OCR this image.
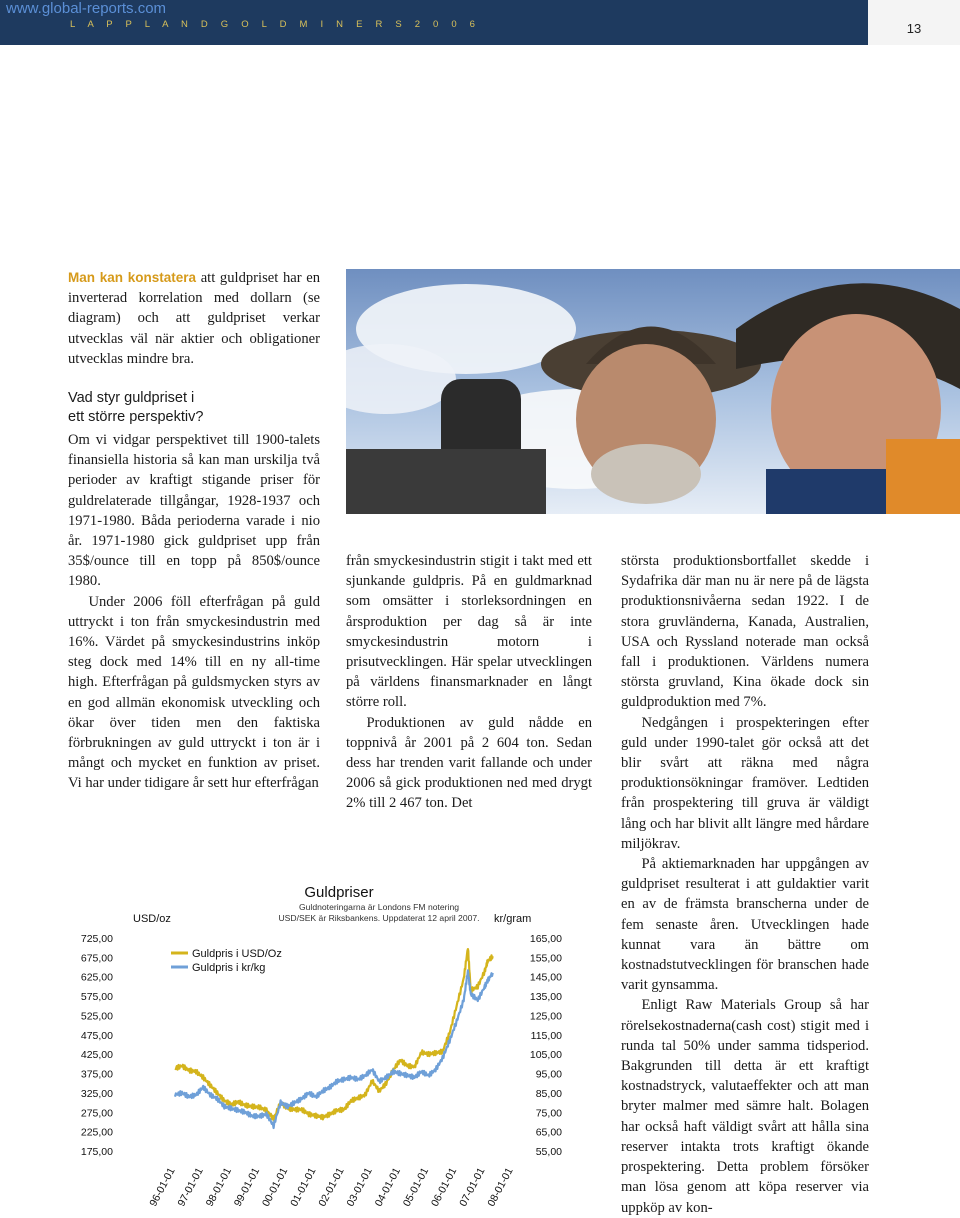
www.global-reports.com
L A P P L A N D G O L D M I N E R S 2 0 0 6	13

Man kan konstatera att guldpriset har en inverterad korrelation med dollarn (se diagram) och att guldpriset verkar utvecklas väl när aktier och obligationer utvecklas mindre bra.

Vad styr guldpriset i
ett större perspektiv?

Om vi vidgar perspektivet till 1900-talets finansiella historia så kan man urskilja två perioder av kraftigt stigande priser för guldrelaterade tillgångar, 1928-1937 och 1971-1980. Båda perioderna varade i nio år. 1971-1980 gick guldpriset upp från 35$/ounce till en topp på 850$/ounce 1980.

Under 2006 föll efterfrågan på guld uttryckt i ton från smyckesindustrin med 16%. Värdet på smyckesindustrins inköp steg dock med 14% till en ny all-time high. Efterfrågan på guldsmycken styrs av en god allmän ekonomisk utveckling och ökar över tiden men den faktiska förbrukningen av guld uttryckt i ton är i mångt och mycket en funktion av priset. Vi har under tidigare år sett hur efterfrågan

från smyckesindustrin stigit i takt med ett sjunkande guldpris. På en guldmarknad som omsätter i storleksordningen en årsproduktion per dag så är inte smyckesindustrin motorn i prisutvecklingen. Här spelar utvecklingen på världens finansmarknader en långt större roll.

Produktionen av guld nådde en toppnivå år 2001 på 2 604 ton. Sedan dess har trenden varit fallande och under 2006 så gick produktionen ned med drygt 2% till 2 467 ton. Det

största produktionsbortfallet skedde i Sydafrika där man nu är nere på de lägsta produktionsnivåerna sedan 1922. I de stora gruvländerna, Kanada, Australien, USA och Ryssland noterade man också fall i produktionen. Världens numera största gruvland, Kina ökade dock sin guldproduktion med 7%.

Nedgången i prospekteringen efter guld under 1990-talet gör också att det blir svårt att räkna med några produktionsökningar framöver. Ledtiden från prospektering till gruva är väldigt lång och har blivit allt längre med hårdare miljökrav.

På aktiemarknaden har uppgången av guldpriset resulterat i att guldaktier varit en av de främsta branscherna under de fem senaste åren. Utvecklingen hade kunnat vara än bättre om kostnadstutvecklingen för branschen hade varit gynsamma.

Enligt Raw Materials Group så har rörelsekostnaderna(cash cost) stigit med i runda tal 50% under samma tidsperiod. Bakgrunden till detta är ett kraftigt kostnadstryck, valutaeffekter och att man bryter malmer med sämre halt. Bolagen har också haft väldigt svårt att hålla sina reserver intakta trots kraftigt ökande prospektering. Detta problem försöker man lösa genom att köpa reserver via uppköp av kon-

Guldpriser
Guldnoteringarna är Londons FM notering
USD/SEK är Riksbankens. Uppdaterat 12 april 2007.
USD/oz	kr/gram
725,00
675,00
625,00
575,00
525,00
475,00
425,00
375,00
325,00
275,00
225,00
175,00
165,00
155,00
145,00
135,00
125,00
115,00
105,00
95,00
85,00
75,00
65,00
55,00
96-01-01
97-01-01
98-01-01
99-01-01
00-01-01
01-01-01
02-01-01
03-01-01
04-01-01
05-01-01
06-01-01
07-01-01
08-01-01
Guldpris i USD/Oz
Guldpris i kr/kg
